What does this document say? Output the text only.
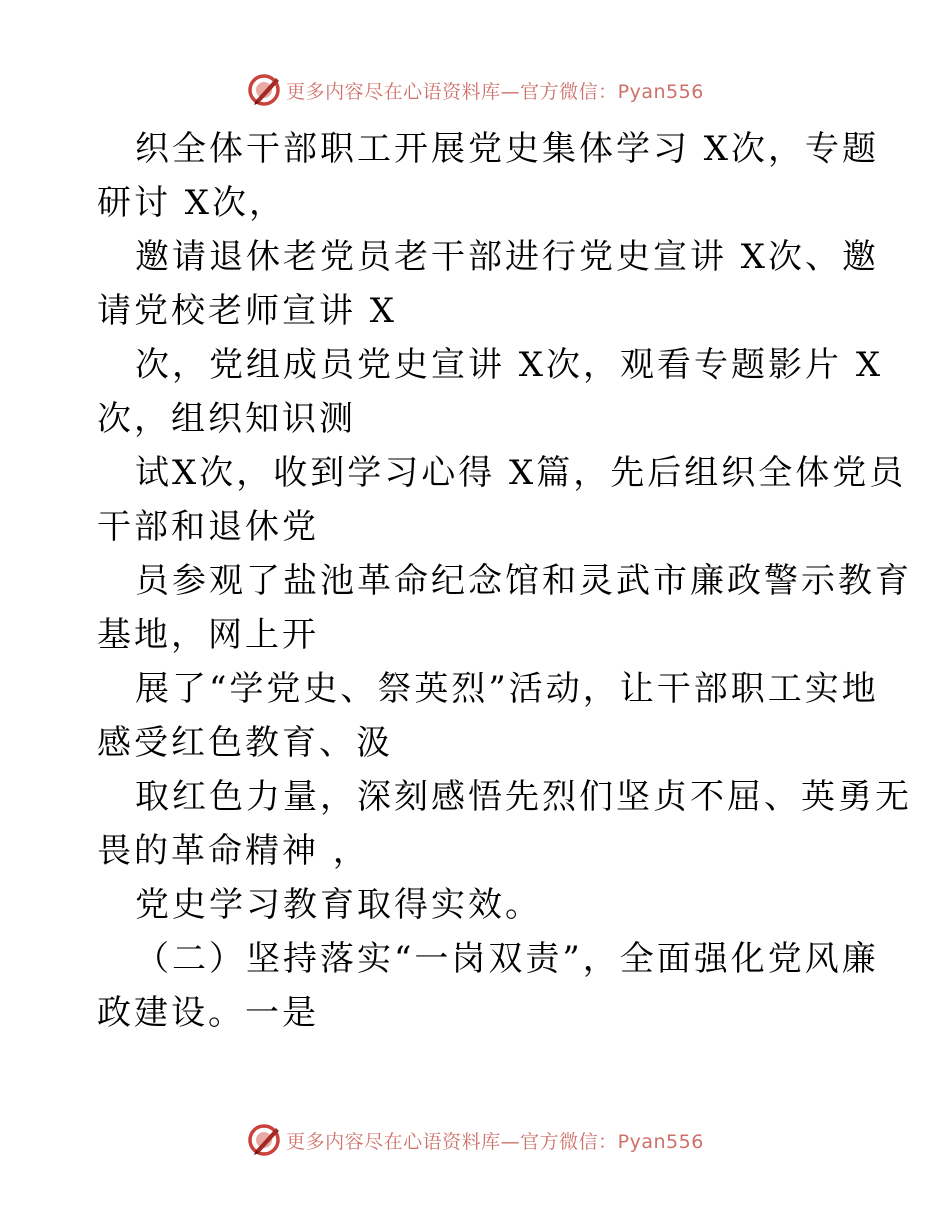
更多内容尽在心语资料库—官方微信：Pyan556
织全体干部职工开展党史集体学习 X次，专题
研讨 X次，
邀请退休老党员老干部进行党史宣讲 X次、邀
请党校老师宣讲 X
次，党组成员党史宣讲 X次，观看专题影片 X
次，组织知识测
试X次，收到学习心得 X篇，先后组织全体党员
干部和退休党
员参观了盐池革命纪念馆和灵武市廉政警示教育
基地，网上开
展了“学党史、祭英烈”活动，让干部职工实地
感受红色教育、汲
取红色力量，深刻感悟先烈们坚贞不屈、英勇无
畏的革命精神 ，
党史学习教育取得实效。
（二）坚持落实“一岗双责”，全面强化党风廉
政建设。一是
更多内容尽在心语资料库—官方微信：Pyan556
